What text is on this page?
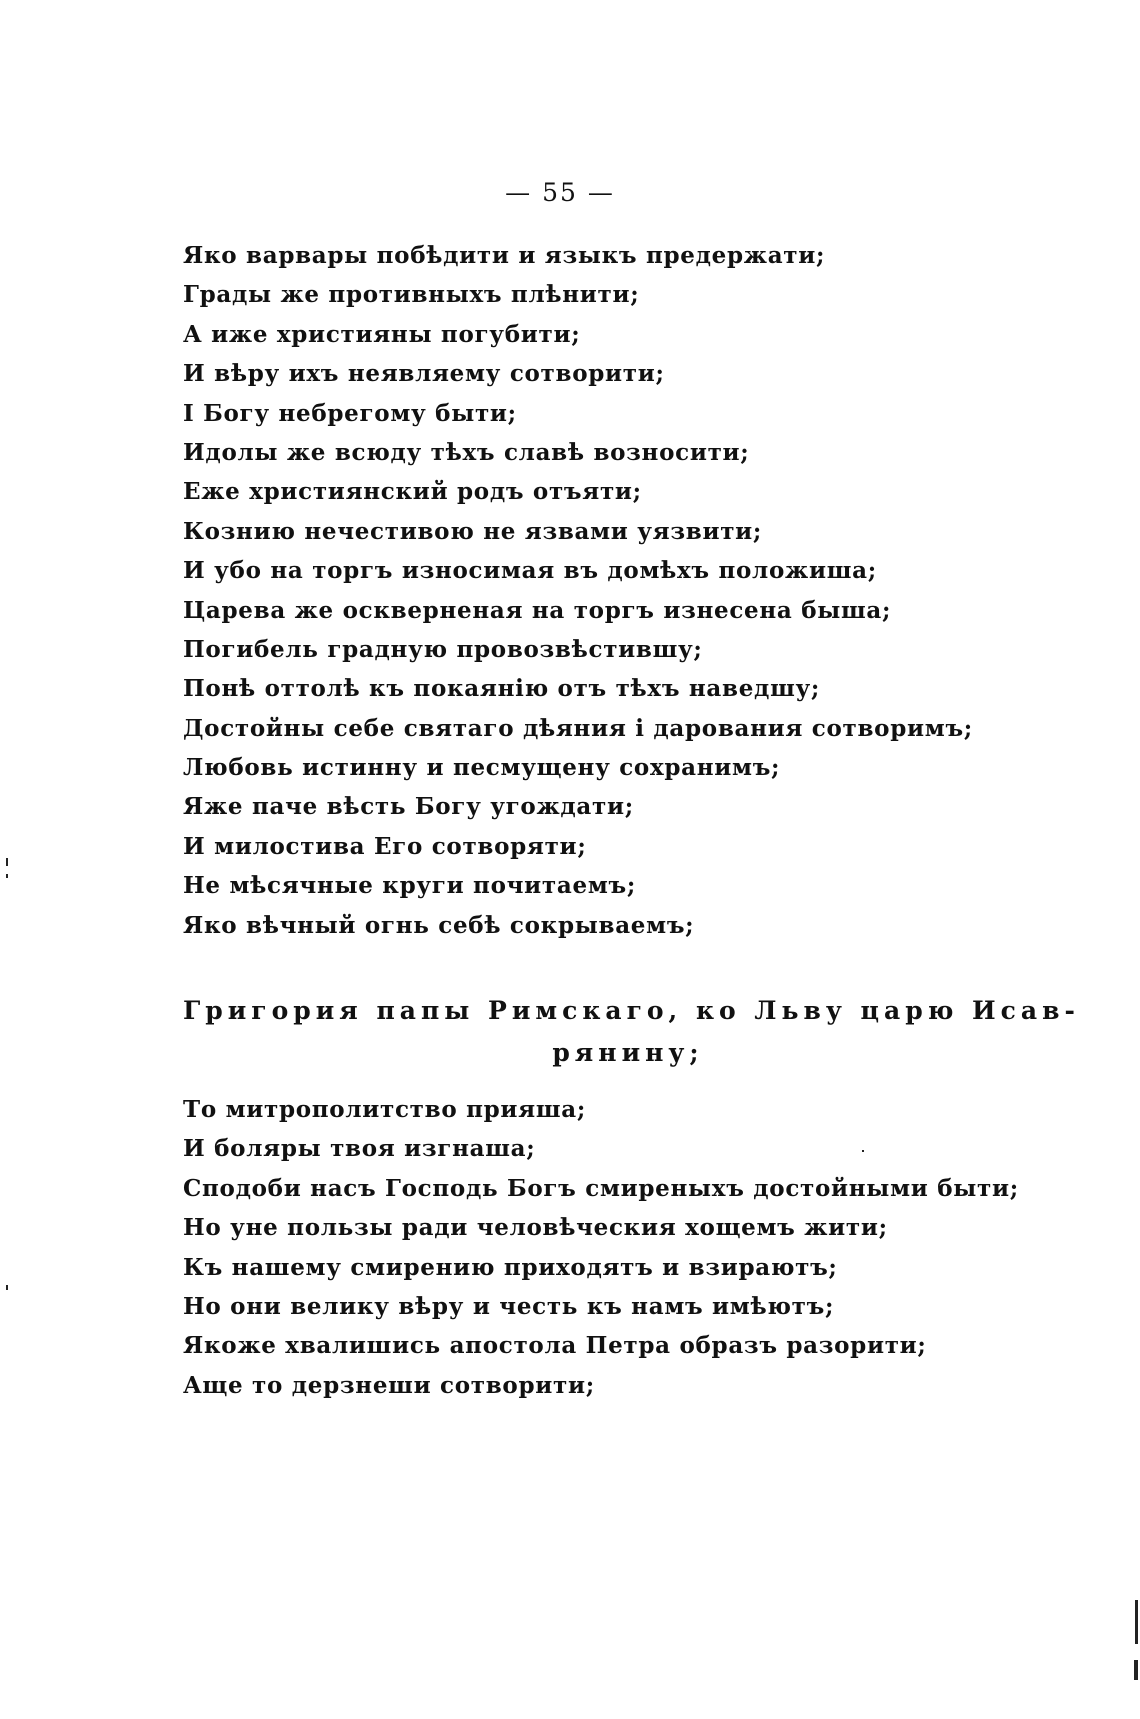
— 55 —
Яко варвары побѣдити и языкъ предержати;
Грады же противныхъ плѣнити;
А иже християны погубити;
И вѣру ихъ неявляему сотворити;
І Богу небрегому быти;
Идолы же всюду тѣхъ славѣ возносити;
Еже християнский родъ отъяти;
Кознию нечестивою не язвами уязвити;
И убо на торгъ износимая въ домѣхъ положиша;
Царева же оскверненая на торгъ изнесена быша;
Погибель градную провозвѣстившу;
Понѣ оттолѣ къ покаянію отъ тѣхъ наведшу;
Достойны себе святаго дѣяния і дарования сотворимъ;
Любовь истинну и песмущену сохранимъ;
Яже паче вѣсть Богу угождати;
И милостива Его сотворяти;
Не мѣсячные круги почитаемъ;
Яко вѣчный огнь себѣ сокрываемъ;
Григория папы Римскаго, ко Льву царю Исав-
рянину;
То митрополитство прияша;
И боляры твоя изгнаша;
Сподоби насъ Господь Богъ смиреныхъ достойными быти;
Но уне пользы ради человѣческия хощемъ жити;
Къ нашему смирению приходятъ и взираютъ;
Но они велику вѣру и честь къ намъ имѣютъ;
Якоже хвалишись апостола Петра образъ разорити;
Аще то дерзнеши сотворити;
